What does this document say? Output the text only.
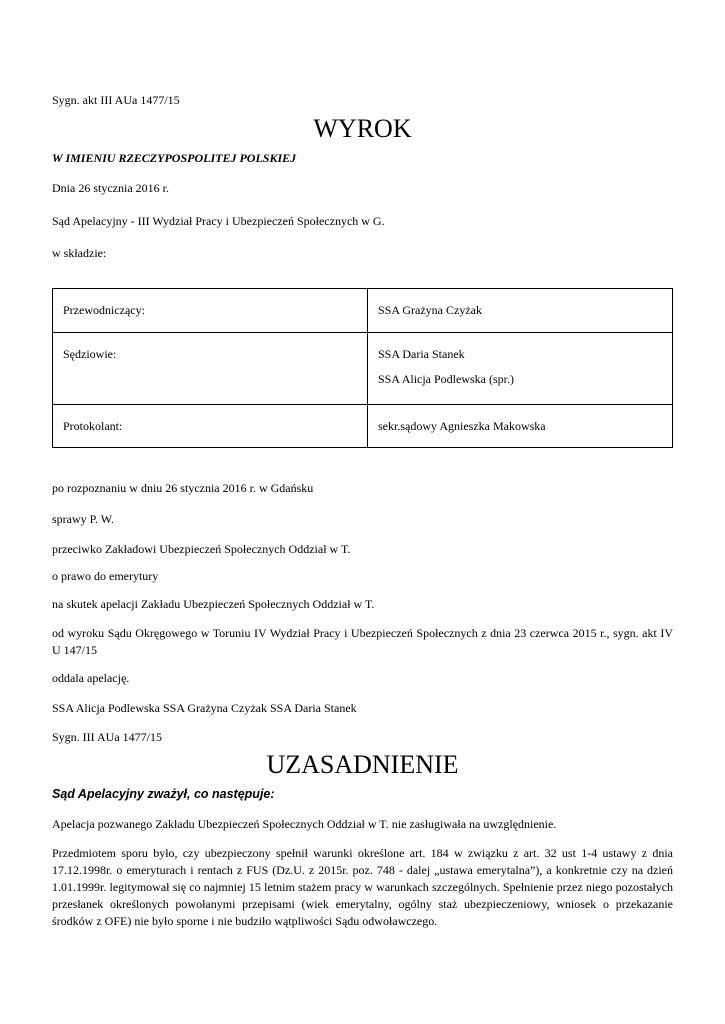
Sygn. akt III AUa 1477/15
WYROK
W IMIENIU RZECZYPOSPOLITEJ POLSKIEJ
Dnia 26 stycznia 2016 r.
Sąd Apelacyjny - III Wydział Pracy i Ubezpieczeń Społecznych w G.
w składzie:

Przewodniczący:	SSA Grażyna Czyżak

Sędziowie:	SSA Daria Stanek

SSA Alicja Podlewska (spr.)

Protokolant:	sekr.sądowy Agnieszka Makowska

po rozpoznaniu w dniu 26 stycznia 2016 r. w Gdańsku
sprawy P. W.
przeciwko Zakładowi Ubezpieczeń Społecznych Oddział w T.
o prawo do emerytury
na skutek apelacji Zakładu Ubezpieczeń Społecznych Oddział w T.
od wyroku Sądu Okręgowego w Toruniu IV Wydział Pracy i Ubezpieczeń Społecznych z dnia 23 czerwca 2015 r., sygn. akt IV U 147/15
oddala apelację.
SSA Alicja Podlewska SSA Grażyna Czyżak SSA Daria Stanek
Sygn. III AUa 1477/15
UZASADNIENIE
Sąd Apelacyjny zważył, co następuje:
Apelacja pozwanego Zakładu Ubezpieczeń Społecznych Oddział w T. nie zasługiwała na uwzględnienie.
Przedmiotem sporu było, czy ubezpieczony spełnił warunki określone art. 184 w związku z art. 32 ust 1-4 ustawy z dnia 17.12.1998r. o emeryturach i rentach z FUS (Dz.U. z 2015r. poz. 748 - dalej „ustawa emerytalna”), a konkretnie czy na dzień 1.01.1999r. legitymował się co najmniej 15 letnim stażem pracy w warunkach szczególnych. Spełnienie przez niego pozostałych przesłanek określonych powołanymi przepisami (wiek emerytalny, ogólny staż ubezpieczeniowy, wniosek o przekazanie środków z OFE) nie było sporne i nie budziło wątpliwości Sądu odwoławczego.
